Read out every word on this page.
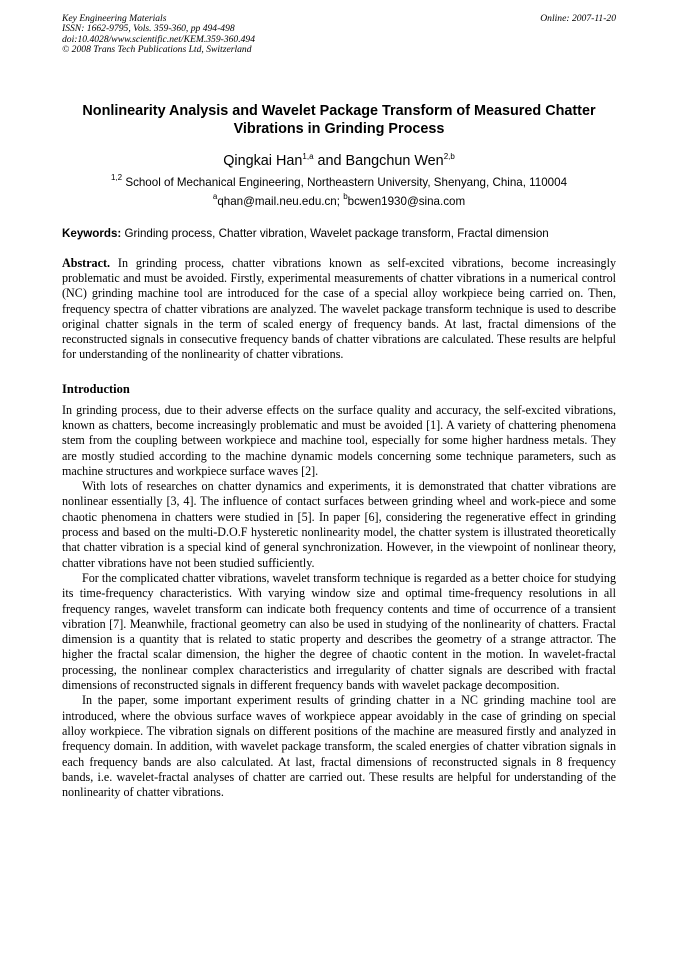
Key Engineering Materials
ISSN: 1662-9795, Vols. 359-360, pp 494-498
doi:10.4028/www.scientific.net/KEM.359-360.494
© 2008 Trans Tech Publications Ltd, Switzerland
Online: 2007-11-20
Nonlinearity Analysis and Wavelet Package Transform of Measured Chatter Vibrations in Grinding Process
Qingkai Han$^{1,a}$ and Bangchun Wen$^{2,b}$
$^{1,2}$ School of Mechanical Engineering, Northeastern University, Shenyang, China, 110004
$^a$qhan@mail.neu.edu.cn; $^b$bcwen1930@sina.com
Keywords: Grinding process, Chatter vibration, Wavelet package transform, Fractal dimension

Abstract. In grinding process, chatter vibrations known as self-excited vibrations, become increasingly problematic and must be avoided. Firstly, experimental measurements of chatter vibrations in a numerical control (NC) grinding machine tool are introduced for the case of a special alloy workpiece being carried on. Then, frequency spectra of chatter vibrations are analyzed. The wavelet package transform technique is used to describe original chatter signals in the term of scaled energy of frequency bands. At last, fractal dimensions of the reconstructed signals in consecutive frequency bands of chatter vibrations are calculated. These results are helpful for understanding of the nonlinearity of chatter vibrations.

Introduction

In grinding process, due to their adverse effects on the surface quality and accuracy, the self-excited vibrations, known as chatters, become increasingly problematic and must be avoided [1]. A variety of chattering phenomena stem from the coupling between workpiece and machine tool, especially for some higher hardness metals. They are mostly studied according to the machine dynamic models concerning some technique parameters, such as machine structures and workpiece surface waves [2].

With lots of researches on chatter dynamics and experiments, it is demonstrated that chatter vibrations are nonlinear essentially [3, 4]. The influence of contact surfaces between grinding wheel and work-piece and some chaotic phenomena in chatters were studied in [5]. In paper [6], considering the regenerative effect in grinding process and based on the multi-D.O.F hysteretic nonlinearity model, the chatter system is illustrated theoretically that chatter vibration is a special kind of general synchronization. However, in the viewpoint of nonlinear theory, chatter vibrations have not been studied sufficiently.

For the complicated chatter vibrations, wavelet transform technique is regarded as a better choice for studying its time-frequency characteristics. With varying window size and optimal time-frequency resolutions in all frequency ranges, wavelet transform can indicate both frequency contents and time of occurrence of a transient vibration [7]. Meanwhile, fractional geometry can also be used in studying of the nonlinearity of chatters. Fractal dimension is a quantity that is related to static property and describes the geometry of a strange attractor. The higher the fractal scalar dimension, the higher the degree of chaotic content in the motion. In wavelet-fractal processing, the nonlinear complex characteristics and irregularity of chatter signals are described with fractal dimensions of reconstructed signals in different frequency bands with wavelet package decomposition.

In the paper, some important experiment results of grinding chatter in a NC grinding machine tool are introduced, where the obvious surface waves of workpiece appear avoidably in the case of grinding on special alloy workpiece. The vibration signals on different positions of the machine are measured firstly and analyzed in frequency domain. In addition, with wavelet package transform, the scaled energies of chatter vibration signals in each frequency bands are also calculated. At last, fractal dimensions of reconstructed signals in 8 frequency bands, i.e. wavelet-fractal analyses of chatter are carried out. These results are helpful for understanding of the nonlinearity of chatter vibrations.
